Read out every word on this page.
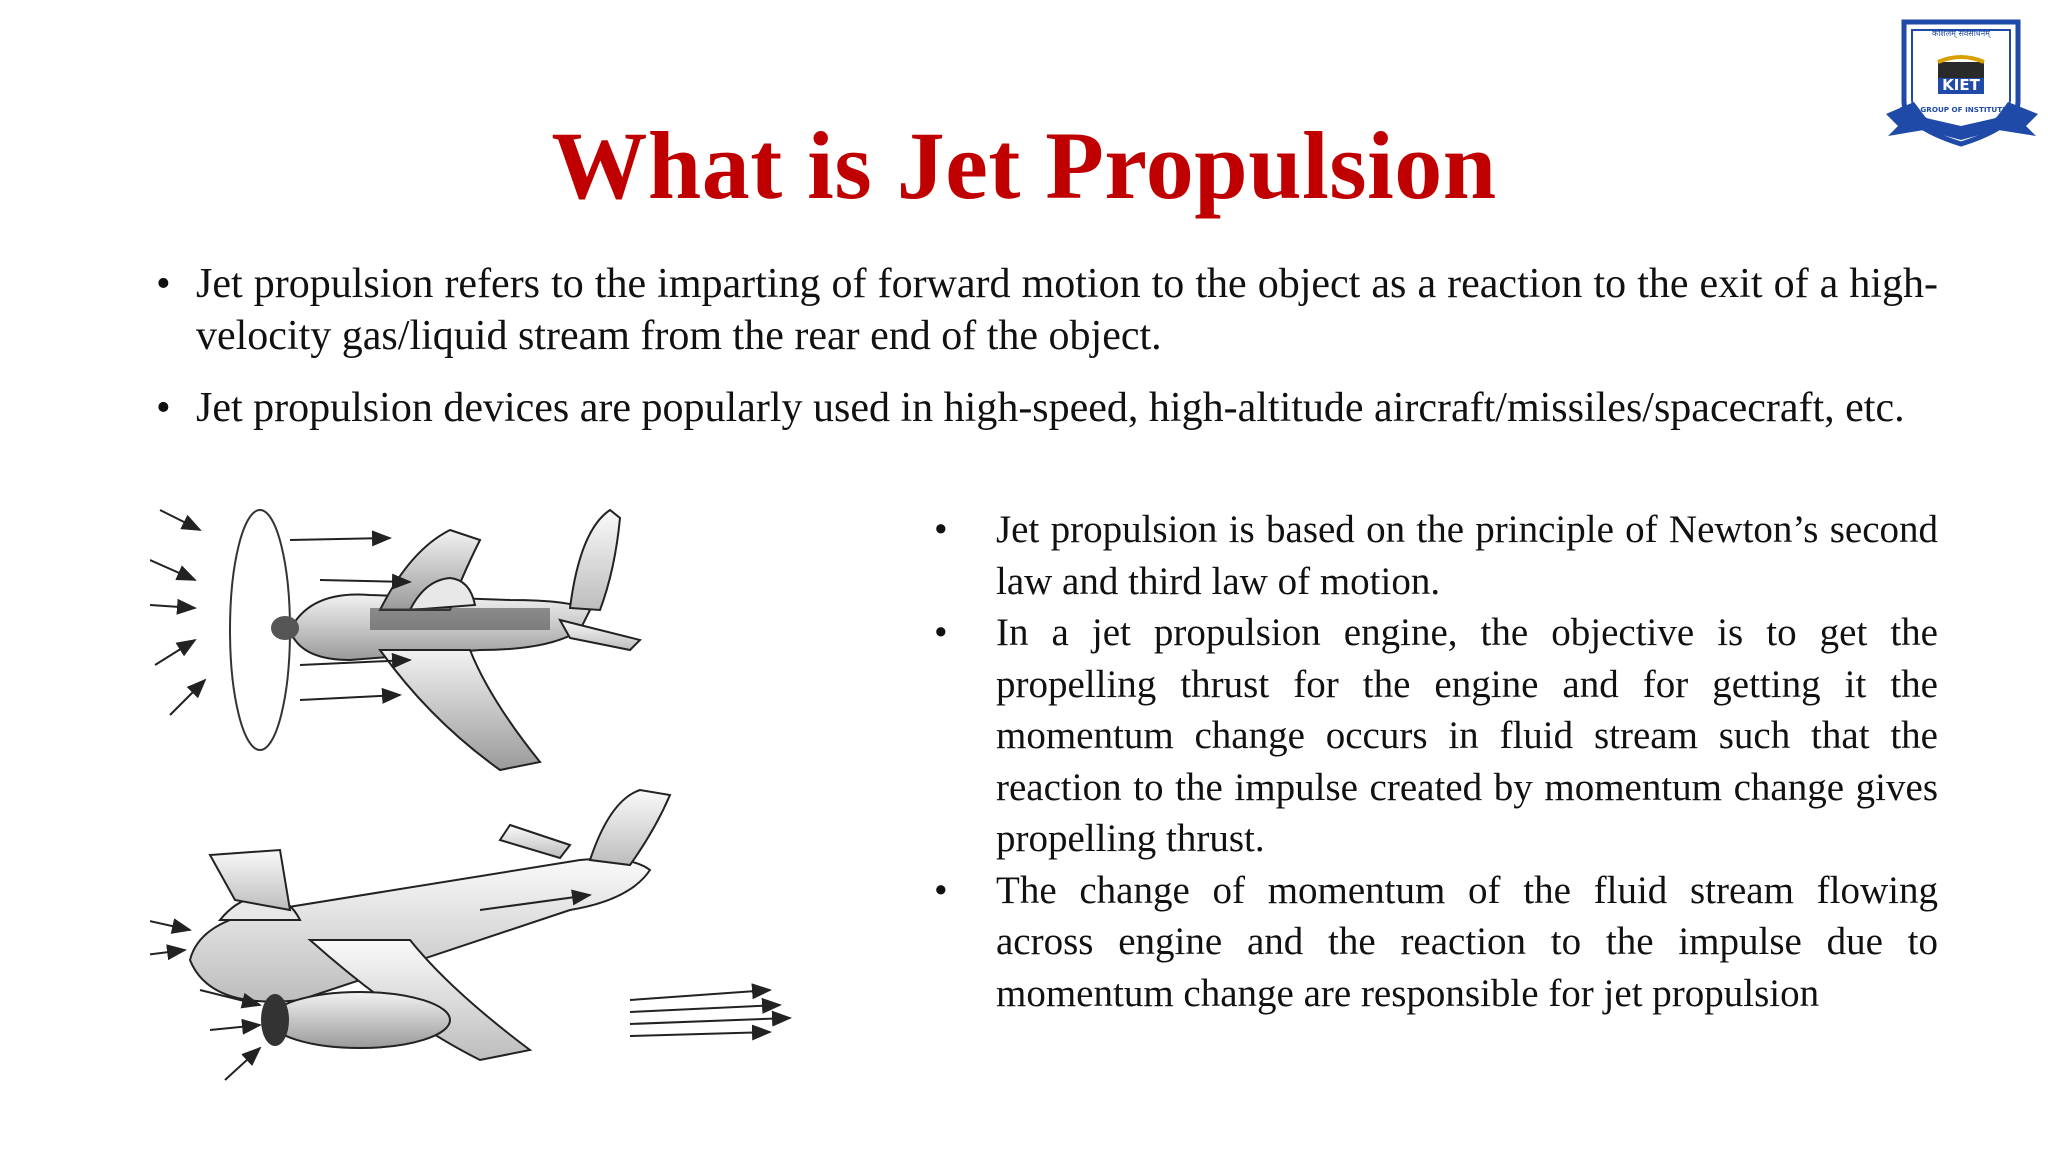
कौशलम् सर्वसाधनम्
KIET
KIET GROUP OF INSTITUTIONS
What is Jet Propulsion
• Jet propulsion refers to the imparting of forward motion to the object as a reaction to the exit of a high-velocity gas/liquid stream from the rear end of the object.
• Jet propulsion devices are popularly used in high-speed, high-altitude aircraft/missiles/spacecraft, etc.
• Jet propulsion is based on the principle of Newton’s second law and third law of motion.
• In a jet propulsion engine, the objective is to get the propelling thrust for the engine and for getting it the momentum change occurs in fluid stream such that the reaction to the impulse created by momentum change gives propelling thrust.
• The change of momentum of the fluid stream flowing across engine and the reaction to the impulse due to momentum change are responsible for jet propulsion
